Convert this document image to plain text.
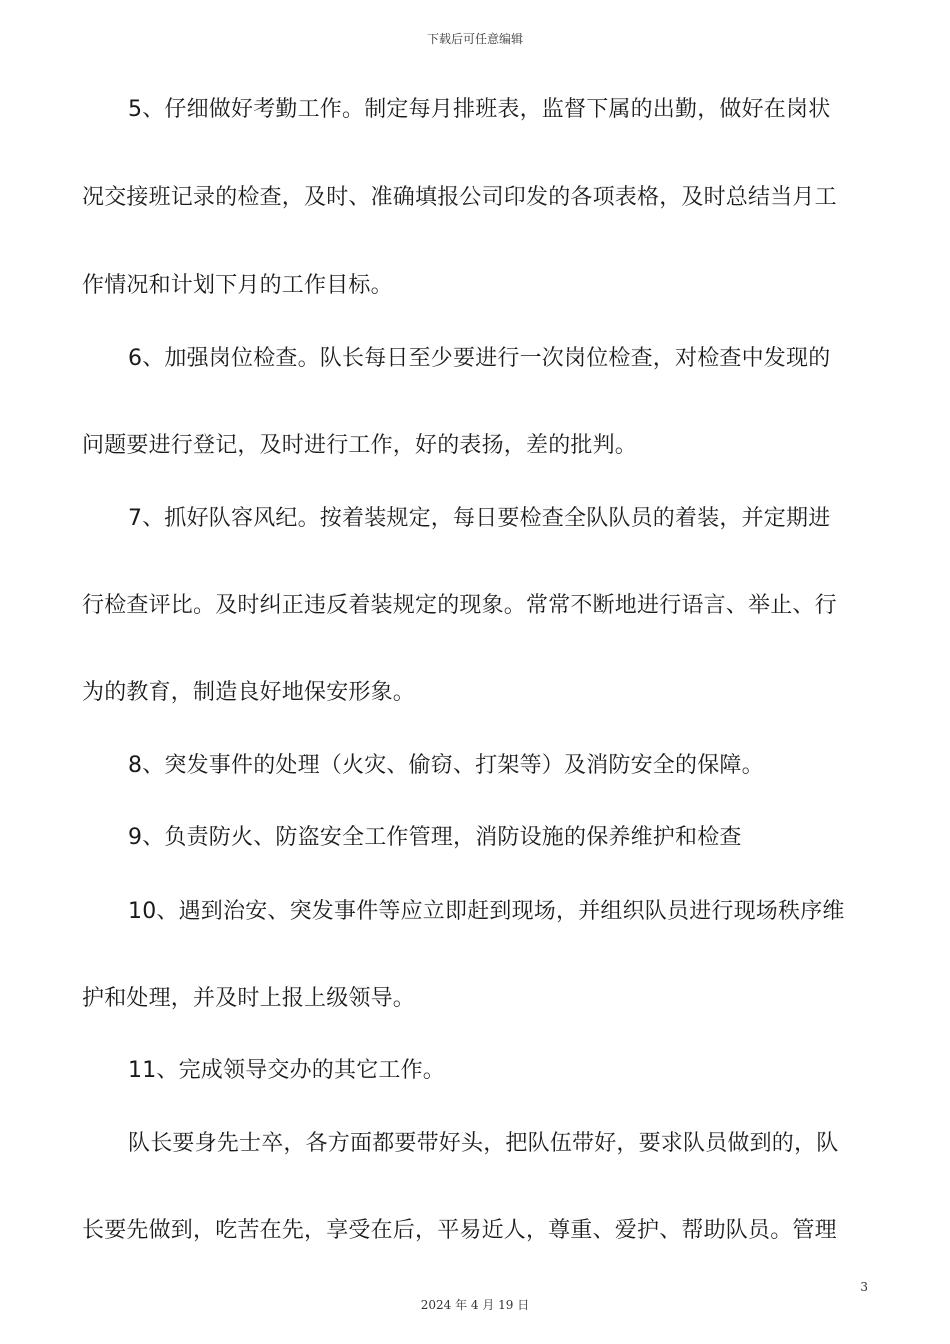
下载后可任意编辑
5、仔细做好考勤工作。制定每月排班表，监督下属的出勤，做好在岗状
况交接班记录的检查，及时、准确填报公司印发的各项表格，及时总结当月工
作情况和计划下月的工作目标。
6、加强岗位检查。队长每日至少要进行一次岗位检查，对检查中发现的
问题要进行登记，及时进行工作，好的表扬，差的批判。
7、抓好队容风纪。按着装规定，每日要检查全队队员的着装，并定期进
行检查评比。及时纠正违反着装规定的现象。常常不断地进行语言、举止、行
为的教育，制造良好地保安形象。
8、突发事件的处理（火灾、偷窃、打架等）及消防安全的保障。
9、负责防火、防盗安全工作管理，消防设施的保养维护和检查
10、遇到治安、突发事件等应立即赶到现场，并组织队员进行现场秩序维
护和处理，并及时上报上级领导。
11、完成领导交办的其它工作。
队长要身先士卒，各方面都要带好头，把队伍带好，要求队员做到的，队
长要先做到，吃苦在先，享受在后，平易近人，尊重、爱护、帮助队员。管理
3
2024 年 4 月 19 日
